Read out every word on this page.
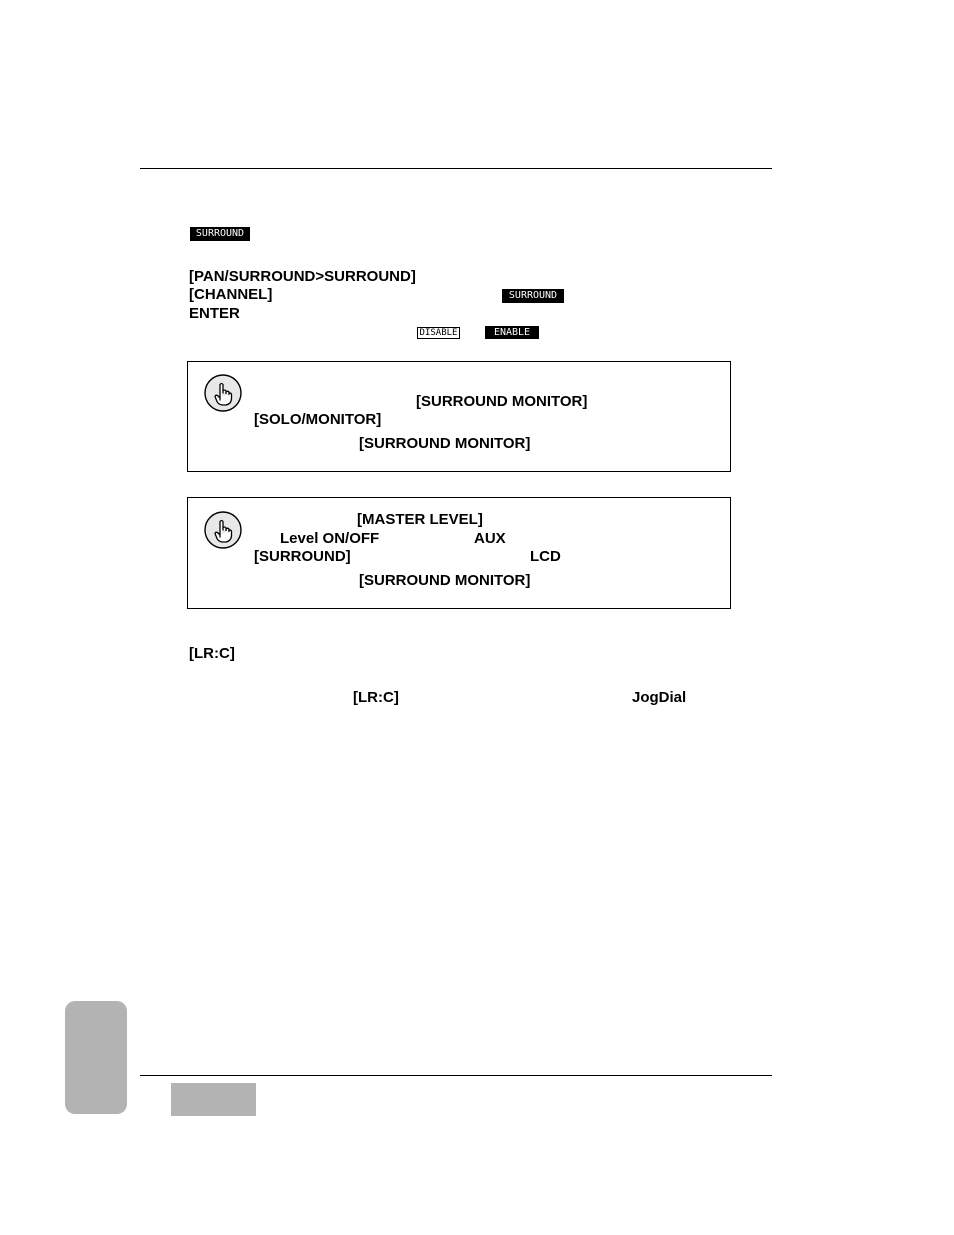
SURROUND
[PAN/SURROUND>SURROUND]
[CHANNEL]	SURROUND
ENTER
DISABLE	ENABLE
[SURROUND MONITOR]
[SOLO/MONITOR]
[SURROUND MONITOR]
[MASTER LEVEL]
Level ON/OFF	AUX
[SURROUND]	LCD
[SURROUND MONITOR]
[LR:C]
[LR:C]	JogDial
